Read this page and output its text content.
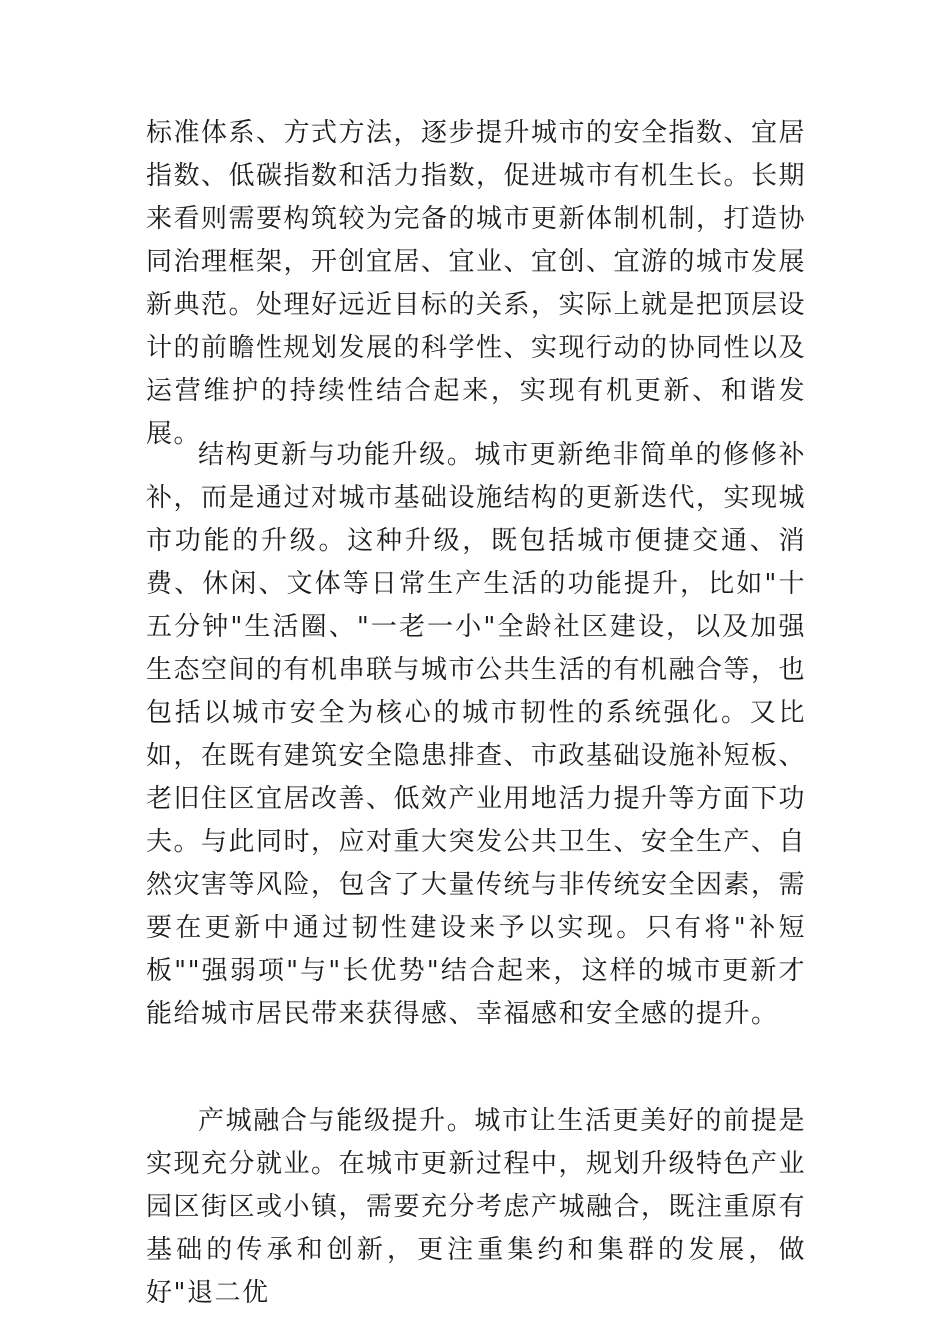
标准体系、方式方法，逐步提升城市的安全指数、宜居指数、低碳指数和活力指数，促进城市有机生长。长期来看则需要构筑较为完备的城市更新体制机制，打造协同治理框架，开创宜居、宜业、宜创、宜游的城市发展新典范。处理好远近目标的关系，实际上就是把顶层设计的前瞻性规划发展的科学性、实现行动的协同性以及运营维护的持续性结合起来，实现有机更新、和谐发展。

结构更新与功能升级。城市更新绝非简单的修修补补，而是通过对城市基础设施结构的更新迭代，实现城市功能的升级。这种升级，既包括城市便捷交通、消费、休闲、文体等日常生产生活的功能提升，比如"十五分钟"生活圈、"一老一小"全龄社区建设，以及加强生态空间的有机串联与城市公共生活的有机融合等，也包括以城市安全为核心的城市韧性的系统强化。又比如，在既有建筑安全隐患排查、市政基础设施补短板、老旧住区宜居改善、低效产业用地活力提升等方面下功夫。与此同时，应对重大突发公共卫生、安全生产、自然灾害等风险，包含了大量传统与非传统安全因素，需要在更新中通过韧性建设来予以实现。只有将"补短板""强弱项"与"长优势"结合起来，这样的城市更新才能给城市居民带来获得感、幸福感和安全感的提升。

产城融合与能级提升。城市让生活更美好的前提是实现充分就业。在城市更新过程中，规划升级特色产业园区街区或小镇，需要充分考虑产城融合，既注重原有基础的传承和创新，更注重集约和集群的发展，做好"退二优
